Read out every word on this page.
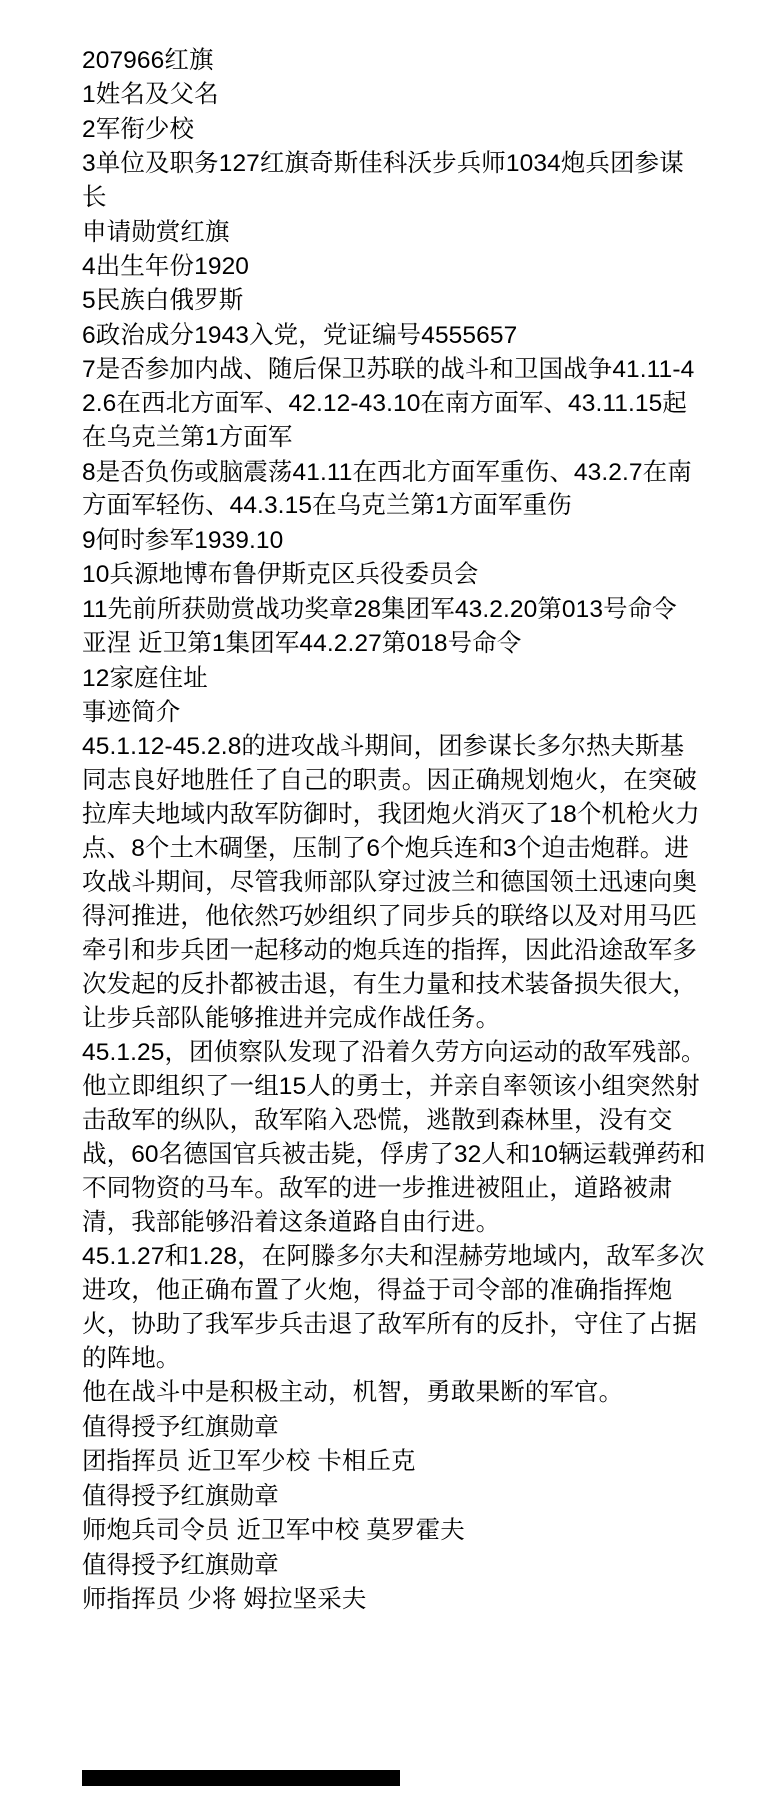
207966红旗

1姓名及父名

2军衔少校

3单位及职务127红旗奇斯佳科沃步兵师1034炮兵团参谋长

申请勋赏红旗

4出生年份1920

5民族白俄罗斯

6政治成分1943入党，党证编号4555657

7是否参加内战、随后保卫苏联的战斗和卫国战争41.11-42.6在西北方面军、42.12-43.10在南方面军、43.11.15起在乌克兰第1方面军

8是否负伤或脑震荡41.11在西北方面军重伤、43.2.7在南方面军轻伤、44.3.15在乌克兰第1方面军重伤

9何时参军1939.10

10兵源地博布鲁伊斯克区兵役委员会

11先前所获勋赏战功奖章28集团军43.2.20第013号命令

亚涅 近卫第1集团军44.2.27第018号命令

12家庭住址

事迹简介

45.1.12-45.2.8的进攻战斗期间，团参谋长多尔热夫斯基同志良好地胜任了自己的职责。因正确规划炮火，在突破拉库夫地域内敌军防御时，我团炮火消灭了18个机枪火力点、8个土木碉堡，压制了6个炮兵连和3个迫击炮群。进攻战斗期间，尽管我师部队穿过波兰和德国领土迅速向奥得河推进，他依然巧妙组织了同步兵的联络以及对用马匹牵引和步兵团一起移动的炮兵连的指挥，因此沿途敌军多次发起的反扑都被击退，有生力量和技术装备损失很大，让步兵部队能够推进并完成作战任务。

45.1.25，团侦察队发现了沿着久劳方向运动的敌军残部。他立即组织了一组15人的勇士，并亲自率领该小组突然射击敌军的纵队，敌军陷入恐慌，逃散到森林里，没有交战，60名德国官兵被击毙，俘虏了32人和10辆运载弹药和不同物资的马车。敌军的进一步推进被阻止，道路被肃清，我部能够沿着这条道路自由行进。

45.1.27和1.28，在阿滕多尔夫和涅赫劳地域内，敌军多次进攻，他正确布置了火炮，得益于司令部的准确指挥炮火，协助了我军步兵击退了敌军所有的反扑，守住了占据的阵地。

他在战斗中是积极主动，机智，勇敢果断的军官。

值得授予红旗勋章

团指挥员 近卫军少校 卡相丘克

值得授予红旗勋章

师炮兵司令员 近卫军中校 莫罗霍夫

值得授予红旗勋章

师指挥员 少将 姆拉坚采夫
